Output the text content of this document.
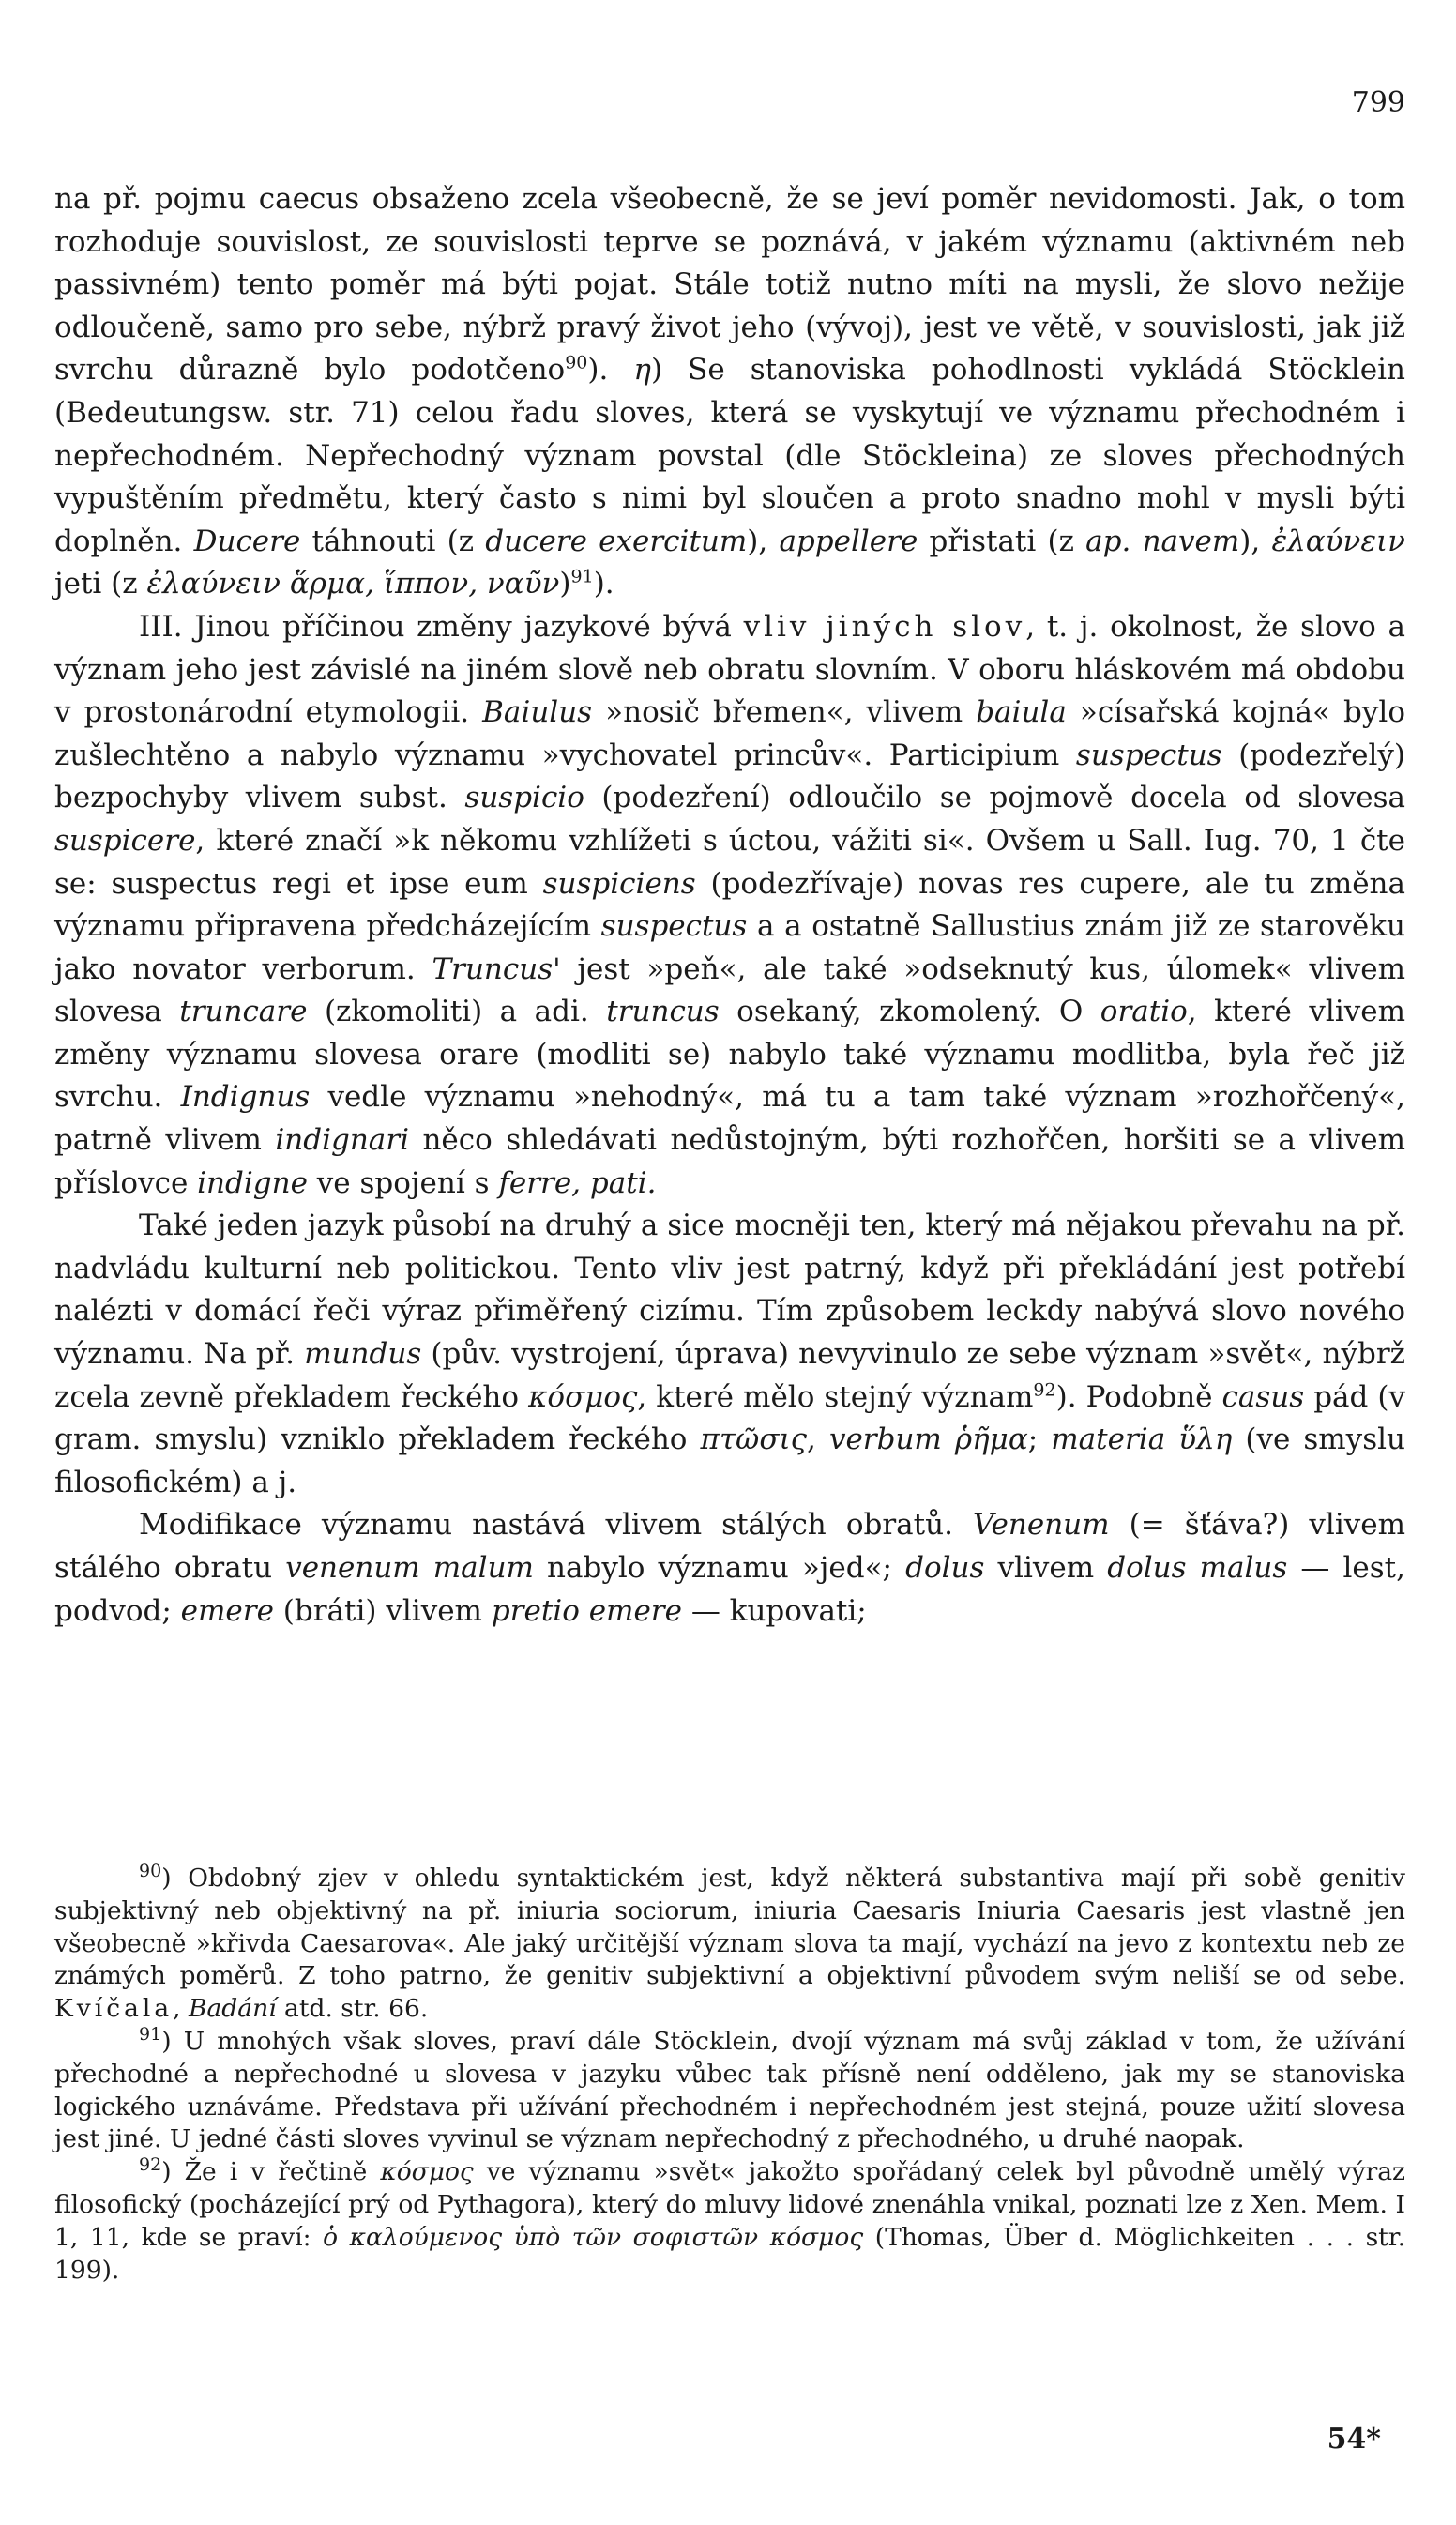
799

na př. pojmu caecus obsaženo zcela všeobecně, že se jeví poměr nevidomosti. Jak, o tom rozhoduje souvislost, ze souvislosti teprve se poznává, v jakém významu (aktivném neb passivném) tento poměr má býti pojat. Stále totiž nutno míti na mysli, že slovo nežije odloučeně, samo pro sebe, nýbrž pravý život jeho (vývoj), jest ve větě, v souvislosti, jak již svrchu důrazně bylo podotčeno$^{90}$). η) Se stanoviska pohodlnosti vykládá Stöcklein (Bedeutungsw. str. 71) celou řadu sloves, která se vyskytují ve významu přechodném i nepřechodném. Nepřechodný význam povstal (dle Stöckleina) ze sloves přechodných vypuštěním předmětu, který často s nimi byl sloučen a proto snadno mohl v mysli býti doplněn. Ducere táhnouti (z ducere exercitum), appellere přistati (z ap. navem), ἐλαύνειν jeti (z ἐλαύνειν ἅρμα, ἵππον, ναῦν)$^{91}$).

III. Jinou příčinou změny jazykové bývá vliv jiných slov, t. j. okolnost, že slovo a význam jeho jest závislé na jiném slově neb obratu slovním. V oboru hláskovém má obdobu v prostonárodní etymologii. Baiulus »nosič břemen«, vlivem baiula »císařská kojná« bylo zušlechtěno a nabylo významu »vychovatel princův«. Participium suspectus (podezřelý) bezpochyby vlivem subst. suspicio (podezření) odloučilo se pojmově docela od slovesa suspicere, které značí »k někomu vzhlížeti s úctou, vážiti si«. Ovšem u Sall. Iug. 70, 1 čte se: suspectus regi et ipse eum suspiciens (podezřívaje) novas res cupere, ale tu změna významu připravena předcházejícím suspectus a a ostatně Sallustius znám již ze starověku jako novator verborum. Truncus' jest »peň«, ale také »odseknutý kus, úlomek« vlivem slovesa truncare (zkomoliti) a adi. truncus osekaný, zkomolený. O oratio, které vlivem změny významu slovesa orare (modliti se) nabylo také významu modlitba, byla řeč již svrchu. Indignus vedle významu »nehodný«, má tu a tam také význam »rozhořčený«, patrně vlivem indignari něco shledávati nedůstojným, býti rozhořčen, horšiti se a vlivem příslovce indigne ve spojení s ferre, pati.

Také jeden jazyk působí na druhý a sice mocněji ten, který má nějakou převahu na př. nadvládu kulturní neb politickou. Tento vliv jest patrný, když při překládání jest potřebí nalézti v domácí řeči výraz přiměřený cizímu. Tím způsobem leckdy nabývá slovo nového významu. Na př. mundus (pův. vystrojení, úprava) nevyvinulo ze sebe význam »svět«, nýbrž zcela zevně překladem řeckého κόσμος, které mělo stejný význam$^{92}$). Podobně casus pád (v gram. smyslu) vzniklo překladem řeckého πτῶσις, verbum ῥῆμα; materia ὕλη (ve smyslu filosofickém) a j.

Modifikace významu nastává vlivem stálých obratů. Venenum (= šťáva?) vlivem stálého obratu venenum malum nabylo významu »jed«; dolus vlivem dolus malus — lest, podvod; emere (bráti) vlivem pretio emere — kupovati;

$^{90}$) Obdobný zjev v ohledu syntaktickém jest, když některá substantiva mají při sobě genitiv subjektivný neb objektivný na př. iniuria sociorum, iniuria Caesaris Iniuria Caesaris jest vlastně jen všeobecně »křivda Caesarova«. Ale jaký určitější význam slova ta mají, vychází na jevo z kontextu neb ze známých poměrů. Z toho patrno, že genitiv subjektivní a objektivní původem svým neliší se od sebe. Kvíčala, Badání atd. str. 66.

$^{91}$) U mnohých však sloves, praví dále Stöcklein, dvojí význam má svůj základ v tom, že užívání přechodné a nepřechodné u slovesa v jazyku vůbec tak přísně není odděleno, jak my se stanoviska logického uznáváme. Představa při užívání přechodném i nepřechodném jest stejná, pouze užití slovesa jest jiné. U jedné části sloves vyvinul se význam nepřechodný z přechodného, u druhé naopak.

$^{92}$) Že i v řečtině κόσμος ve významu »svět« jakožto spořádaný celek byl původně umělý výraz filosofický (pocházející prý od Pythagora), který do mluvy lidové znenáhla vnikal, poznati lze z Xen. Mem. I 1, 11, kde se praví: ὁ καλούμενος ὑπὸ τῶν σοφιστῶν κόσμος (Thomas, Über d. Möglichkeiten . . . str. 199).

54*
